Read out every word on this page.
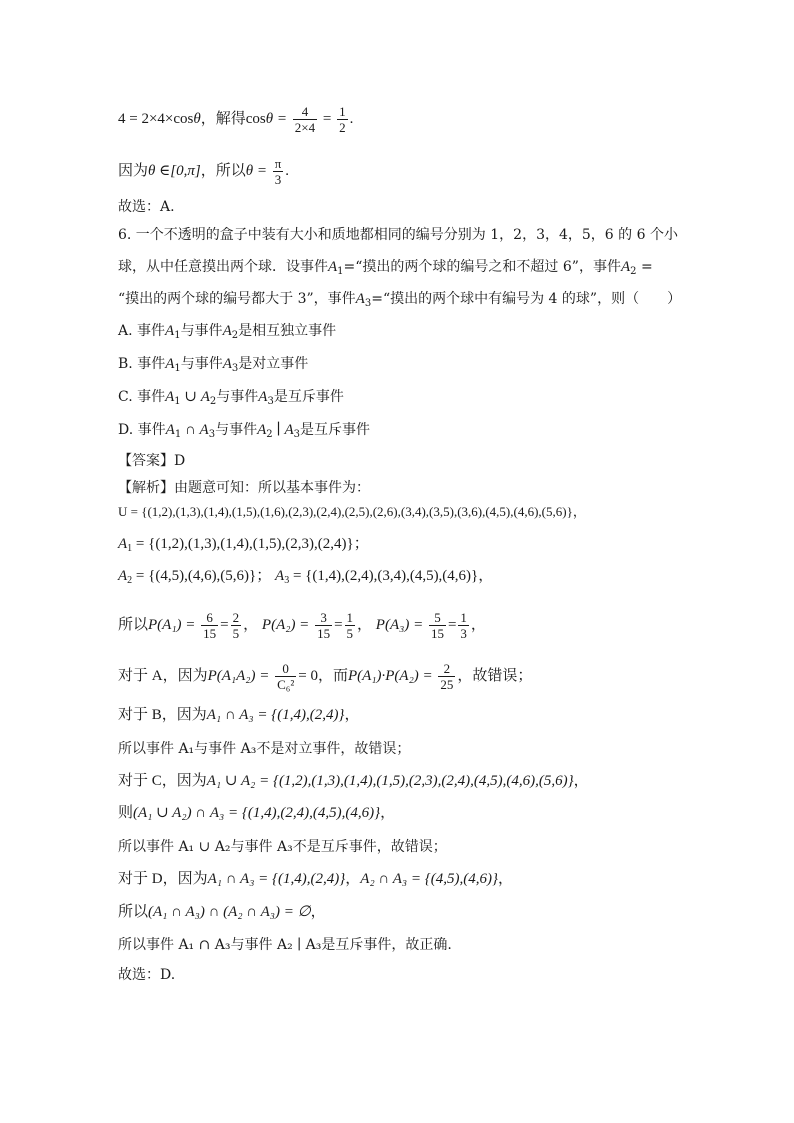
4 = 2×4×cosθ，解得$\cos\theta = \frac{4}{2\times 4} = \frac{1}{2}$ .
因为θ ∈[0,π]，所以$\theta = \frac{\pi}{3}$ .
故选：A.
6. 一个不透明的盒子中装有大小和质地都相同的编号分别为 1，2，3，4，5，6 的 6 个小
球，从中任意摸出两个球．设事件$A_1=“$摸出的两个球的编号之和不超过 6”，事件$A_2$ =
“摸出的两个球的编号都大于 3”，事件$A_3=“$摸出的两个球中有编号为 4 的球”，则（　　）
A. 事件$A_1$与事件$A_2$是相互独立事件
B. 事件$A_1$与事件$A_3$是对立事件
C. 事件$A_1$ ∪ $A_2$与事件$A_3$是互斥事件
D. 事件$A_1$ ∩ $A_3$与事件$A_2$ ∣ $A_3$是互斥事件
【答案】D
【解析】由题意可知：所以基本事件为：
U = {(1,2),(1,3),(1,4),(1,5),(1,6),(2,3),(2,4),(2,5),(2,6),(3,4),(3,5),(3,6),(4,5),(4,6),(5,6)}，
$A_1 = \{(1,2),(1,3),(1,4),(1,5),(2,3),(2,4)\}$；
$A_2 = \{(4,5),(4,6),(5,6)\}$； $A_3 = \{(1,4),(2,4),(3,4),(4,5),(4,6)\}$，
所以$P(A_1) = \frac{6}{15} = \frac{2}{5}$ ， $P(A_2) = \frac{3}{15} = \frac{1}{5}$ ， $P(A_3) = \frac{5}{15} = \frac{1}{3}$ ，
对于 A，因为$P(A_1A_2) = \frac{0}{\text{C₆²}} = 0$，而$P(A_1)\cdot P(A_2) = \frac{2}{25}$ ，故错误；
对于 B，因为A₁ ∩ A₃ = {(1,4),(2,4)}，
所以事件 A₁与事件 A₃不是对立事件，故错误；
对于 C，因为A₁ ∪ A₂ = {(1,2),(1,3),(1,4),(1,5),(2,3),(2,4),(4,5),(4,6),(5,6)}，
则(A₁ ∪ A₂) ∩ A₃ = {(1,4),(2,4),(4,5),(4,6)}，
所以事件 A₁ ∪ A₂与事件 A₃不是互斥事件，故错误；
对于 D，因为A₁ ∩ A₃ = {(1,4),(2,4)}，A₂ ∩ A₃ = {(4,5),(4,6)}，
所以(A₁ ∩ A₃) ∩ (A₂ ∩ A₃) = ∅，
所以事件 A₁ ∩ A₃与事件 A₂ ∣ A₃是互斥事件，故正确.
故选：D.
